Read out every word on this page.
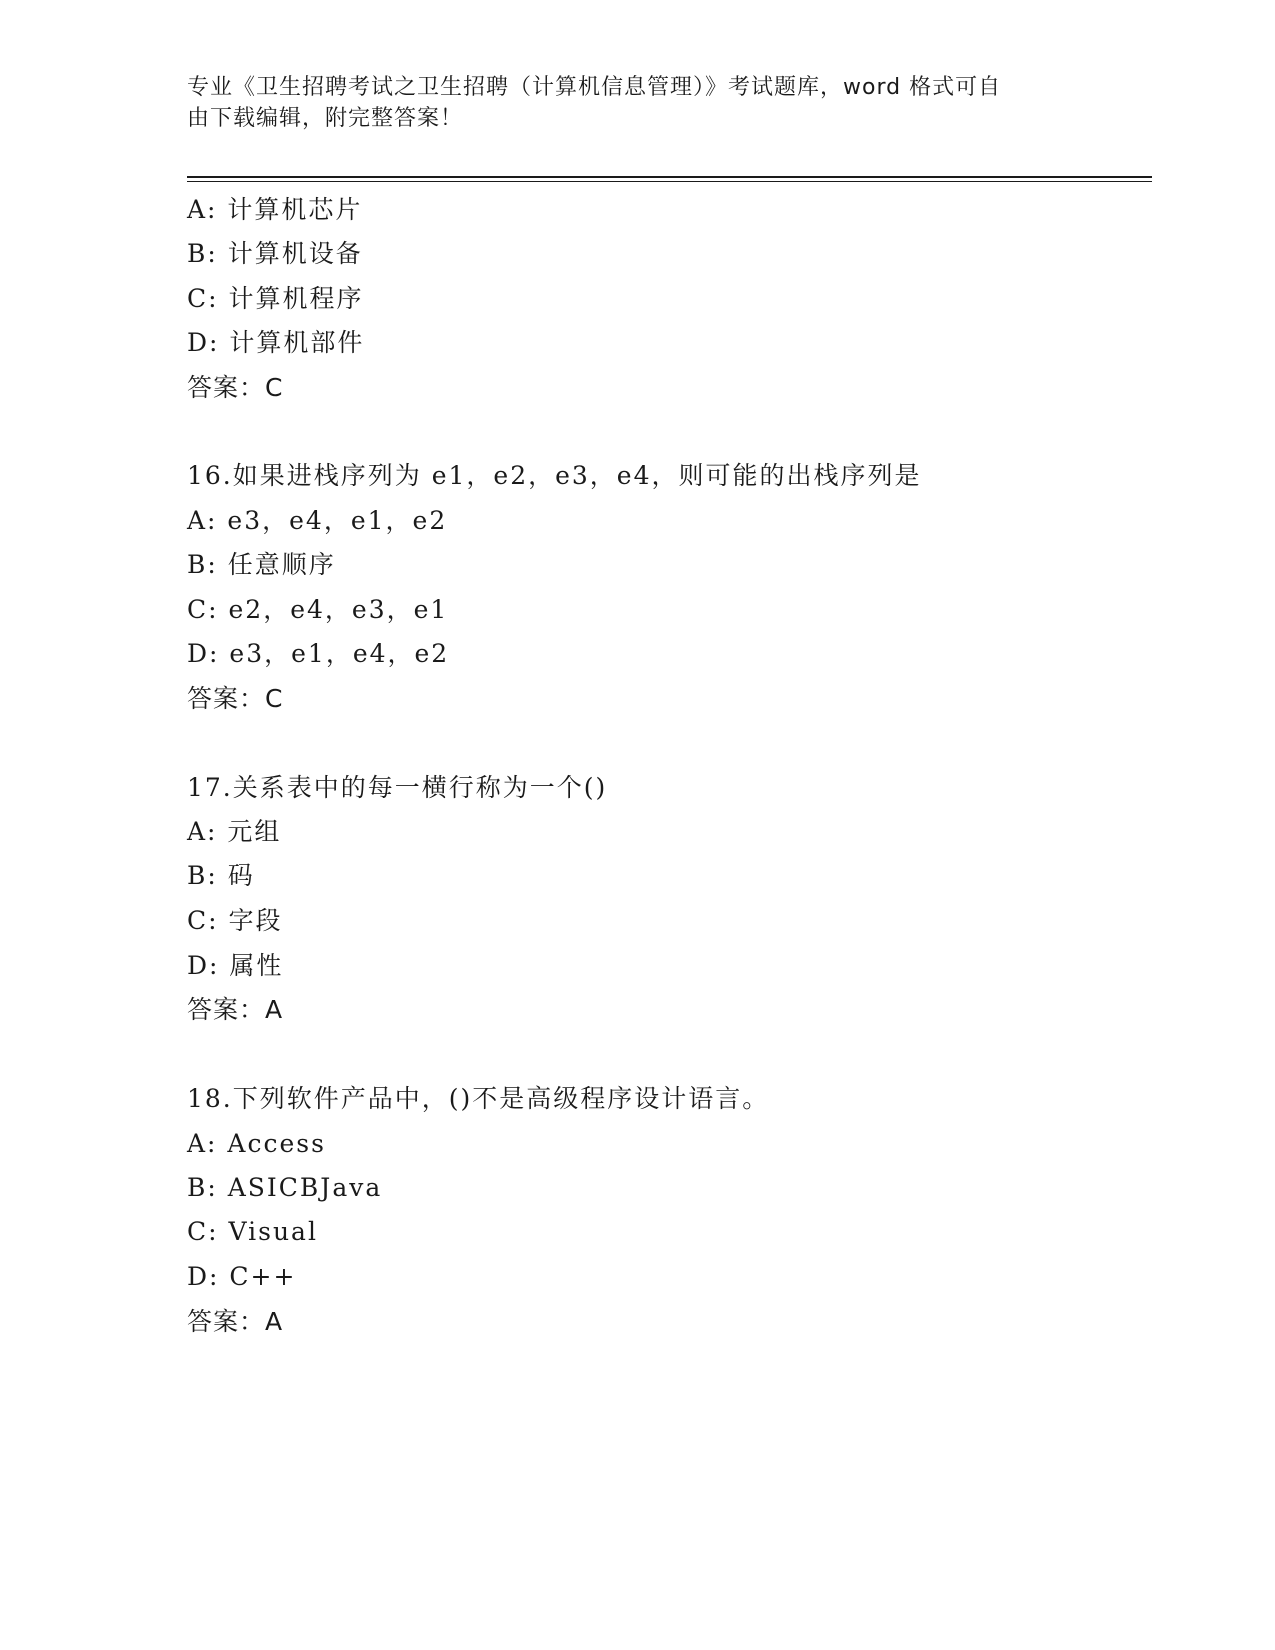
专业《卫生招聘考试之卫生招聘（计算机信息管理）》考试题库，word 格式可自
由下载编辑，附完整答案！
A: 计算机芯片
B: 计算机设备
C: 计算机程序
D: 计算机部件
答案：C
16.如果进栈序列为 e1，e2，e3，e4，则可能的出栈序列是
A: e3，e4，e1，e2
B: 任意顺序
C: e2，e4，e3，e1
D: e3，e1，e4，e2
答案：C
17.关系表中的每一横行称为一个()
A: 元组
B: 码
C: 字段
D: 属性
答案：A
18.下列软件产品中，()不是高级程序设计语言。
A: Access
B: ASICBJava
C: Visual
D: C++
答案：A
